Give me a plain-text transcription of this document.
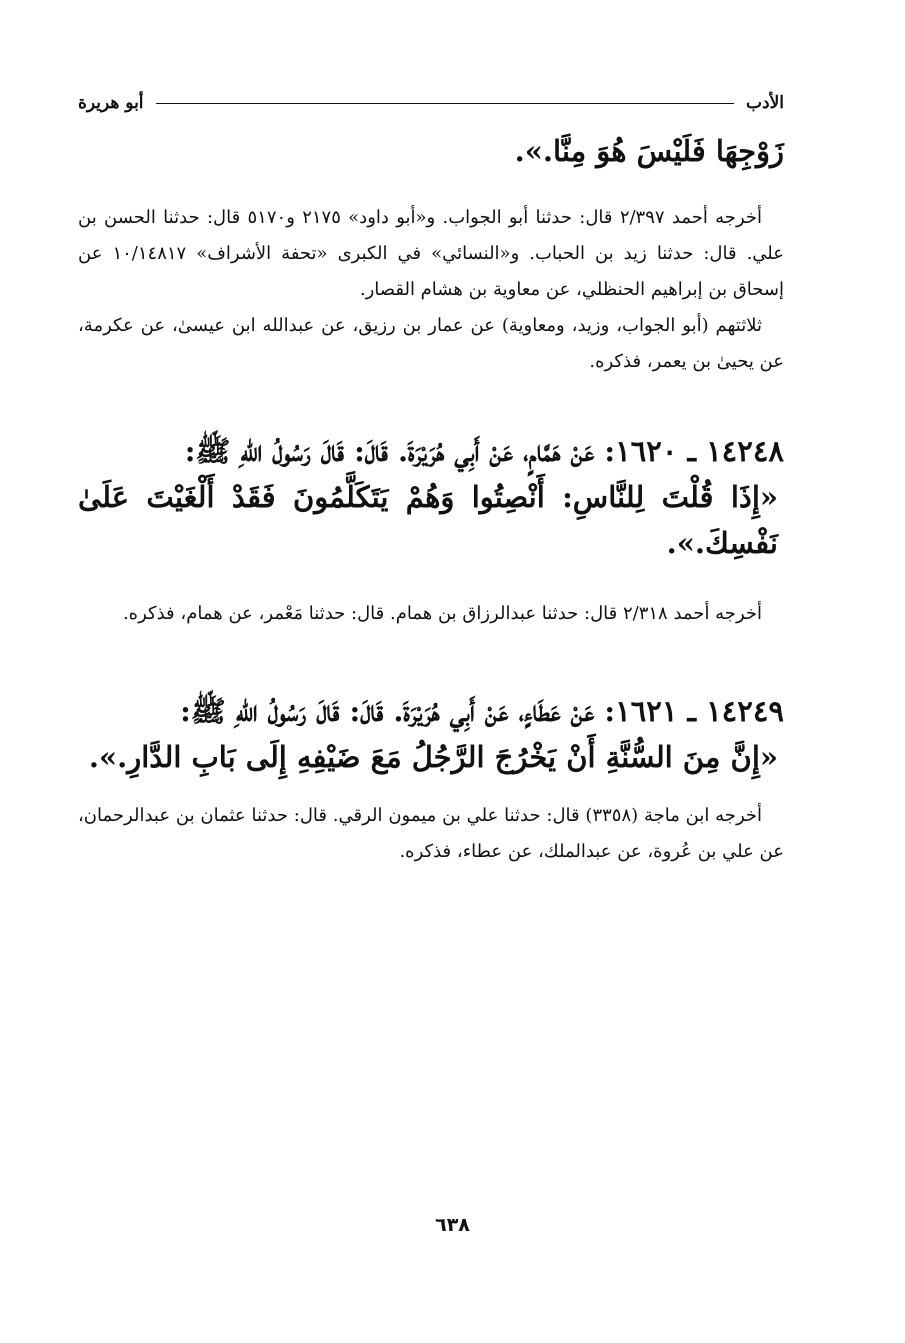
الأدب
أبو هريرة

زَوْجِهَا فَلَيْسَ هُوَ مِنَّا.».

أخرجه أحمد ٢/٣٩٧ قال: حدثنا أبو الجواب. و«أبو داود» ٢١٧٥ و٥١٧٠ قال: حدثنا الحسن بن علي. قال: حدثنا زيد بن الحباب. و«النسائي» في الكبرى «تحفة الأشراف» ١٠/١٤٨١٧ عن إسحاق بن إبراهيم الحنظلي، عن معاوية بن هشام القصار.

ثلاثتهم (أبو الجواب، وزيد، ومعاوية) عن عمار بن رزيق، عن عبدالله ابن عيسىٰ، عن عكرمة، عن يحيىٰ بن يعمر، فذكره.

١٤٢٤٨ ـ ١٦٢٠: عَنْ هَمَّامٍ، عَنْ أَبِي هُرَيْرَةَ. قَالَ: قَالَ رَسُولُ اللهِ ﷺ:

«إِذَا قُلْتَ لِلنَّاسِ: أَنْصِتُوا وَهُمْ يَتَكَلَّمُونَ فَقَدْ أَلْغَيْتَ عَلَىٰ نَفْسِكَ.».

أخرجه أحمد ٢/٣١٨ قال: حدثنا عبدالرزاق بن همام. قال: حدثنا مَعْمر، عن همام، فذكره.

١٤٢٤٩ ـ ١٦٢١: عَنْ عَطَاءٍ، عَنْ أَبِي هُرَيْرَةَ. قَالَ: قَالَ رَسُولُ اللهِ ﷺ:

«إِنَّ مِنَ السُّنَّةِ أَنْ يَخْرُجَ الرَّجُلُ مَعَ ضَيْفِهِ إِلَى بَابِ الدَّارِ.».

أخرجه ابن ماجة (٣٣٥٨) قال: حدثنا علي بن ميمون الرقي. قال: حدثنا عثمان بن عبدالرحمان، عن علي بن عُروة، عن عبدالملك، عن عطاء، فذكره.

٦٣٨
